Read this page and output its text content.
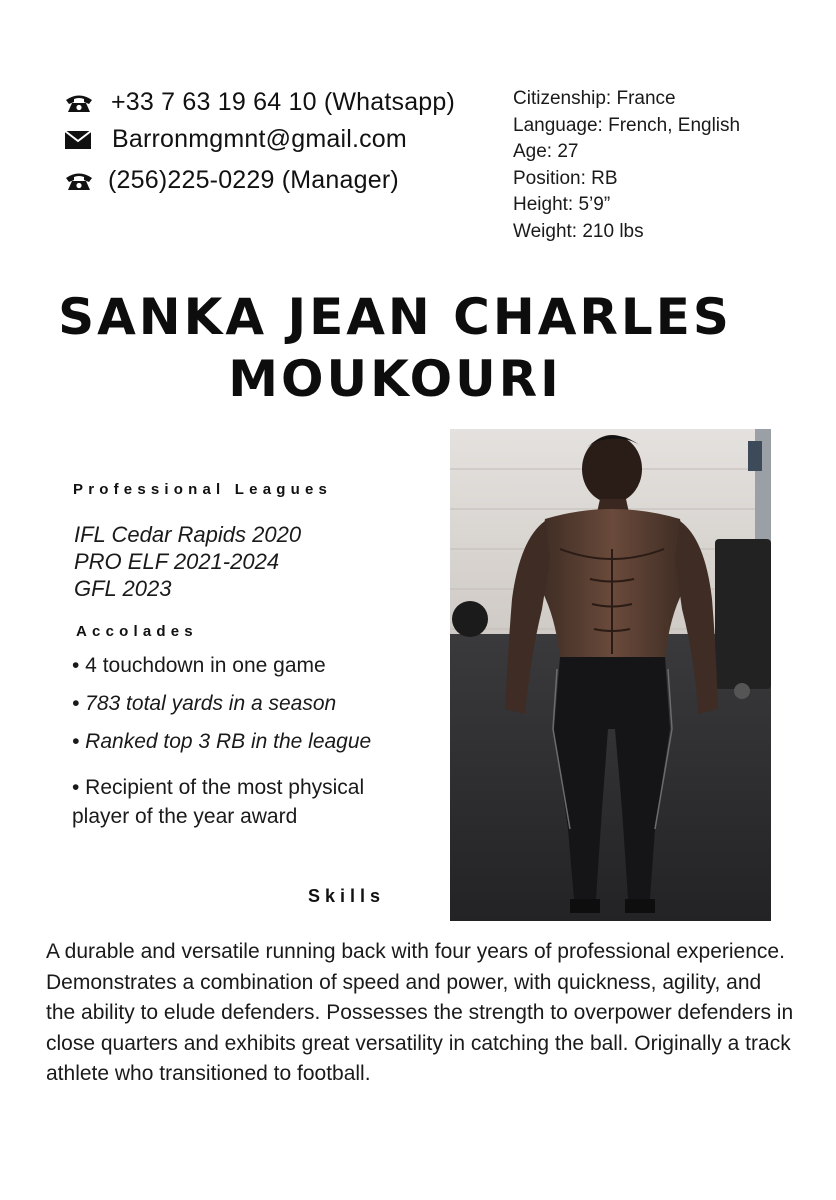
+33 7 63 19 64 10 (Whatsapp)
Barronmgmnt@gmail.com
(256)225-0229 (Manager)
Citizenship: France
Language: French, English
Age: 27
Position: RB
Height: 5’9”
Weight: 210 lbs
SANKA JEAN CHARLES
MOUKOURI
Professional Leagues
IFL Cedar Rapids 2020
PRO ELF 2021-2024
GFL 2023
Accolades
• 4 touchdown in one game
• 783 total yards in a season
• Ranked top 3 RB in the league
• Recipient of the most physical
player of the year award
Skills
A durable and versatile running back with four years of professional experience. Demonstrates a combination of speed and power, with quickness, agility, and the ability to elude defenders. Possesses the strength to overpower defenders in close quarters and exhibits great versatility in catching the ball. Originally a track athlete who transitioned to football.
